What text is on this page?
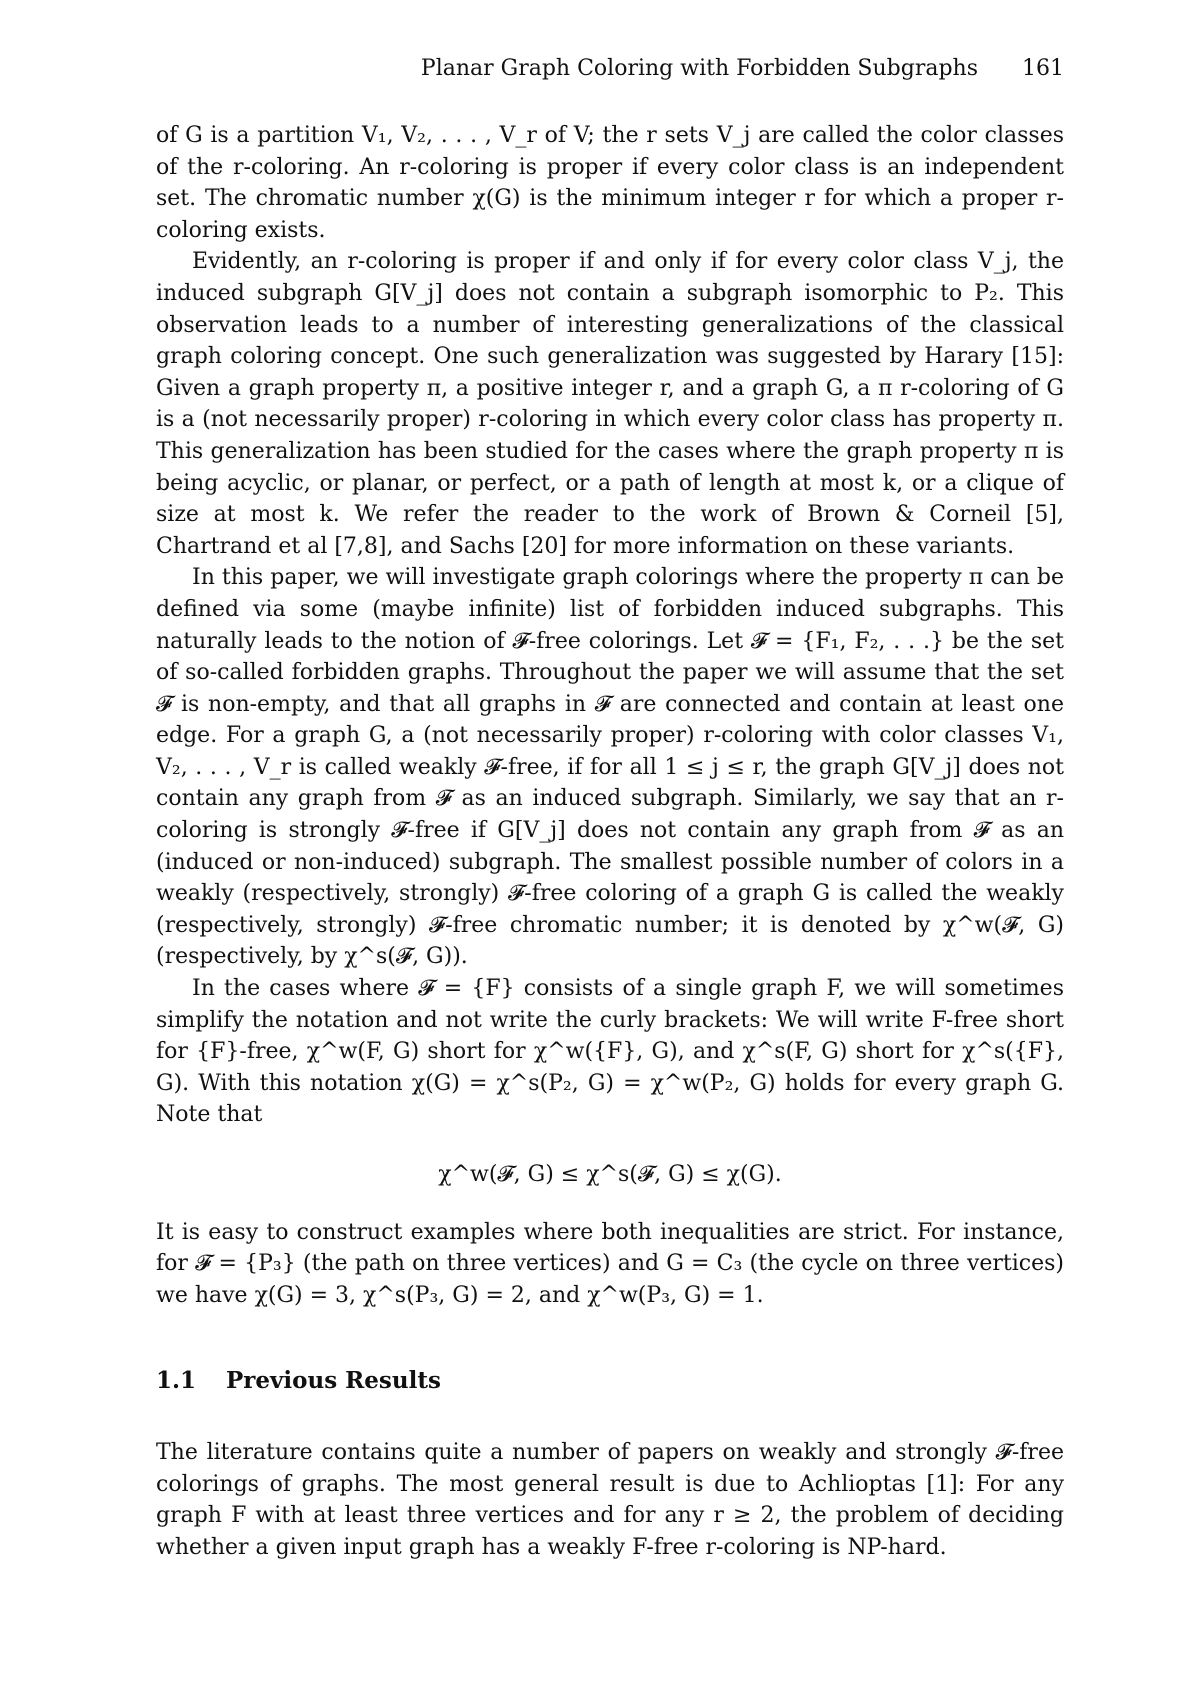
Planar Graph Coloring with Forbidden Subgraphs 161

of G is a partition V₁, V₂, . . . , V_r of V; the r sets V_j are called the color classes of the r-coloring. An r-coloring is proper if every color class is an independent set. The chromatic number χ(G) is the minimum integer r for which a proper r-coloring exists.

Evidently, an r-coloring is proper if and only if for every color class V_j, the induced subgraph G[V_j] does not contain a subgraph isomorphic to P₂. This observation leads to a number of interesting generalizations of the classical graph coloring concept. One such generalization was suggested by Harary [15]: Given a graph property π, a positive integer r, and a graph G, a π r-coloring of G is a (not necessarily proper) r-coloring in which every color class has property π. This generalization has been studied for the cases where the graph property π is being acyclic, or planar, or perfect, or a path of length at most k, or a clique of size at most k. We refer the reader to the work of Brown & Corneil [5], Chartrand et al [7,8], and Sachs [20] for more information on these variants.

In this paper, we will investigate graph colorings where the property π can be defined via some (maybe infinite) list of forbidden induced subgraphs. This naturally leads to the notion of 𝓕-free colorings. Let 𝓕 = {F₁, F₂, . . .} be the set of so-called forbidden graphs. Throughout the paper we will assume that the set 𝓕 is non-empty, and that all graphs in 𝓕 are connected and contain at least one edge. For a graph G, a (not necessarily proper) r-coloring with color classes V₁, V₂, . . . , V_r is called weakly 𝓕-free, if for all 1 ≤ j ≤ r, the graph G[V_j] does not contain any graph from 𝓕 as an induced subgraph. Similarly, we say that an r-coloring is strongly 𝓕-free if G[V_j] does not contain any graph from 𝓕 as an (induced or non-induced) subgraph. The smallest possible number of colors in a weakly (respectively, strongly) 𝓕-free coloring of a graph G is called the weakly (respectively, strongly) 𝓕-free chromatic number; it is denoted by χ^w(𝓕, G) (respectively, by χ^s(𝓕, G)).

In the cases where 𝓕 = {F} consists of a single graph F, we will sometimes simplify the notation and not write the curly brackets: We will write F-free short for {F}-free, χ^w(F, G) short for χ^w({F}, G), and χ^s(F, G) short for χ^s({F}, G). With this notation χ(G) = χ^s(P₂, G) = χ^w(P₂, G) holds for every graph G. Note that

χ^w(𝓕, G) ≤ χ^s(𝓕, G) ≤ χ(G).

It is easy to construct examples where both inequalities are strict. For instance, for 𝓕 = {P₃} (the path on three vertices) and G = C₃ (the cycle on three vertices) we have χ(G) = 3, χ^s(P₃, G) = 2, and χ^w(P₃, G) = 1.

1.1 Previous Results

The literature contains quite a number of papers on weakly and strongly 𝓕-free colorings of graphs. The most general result is due to Achlioptas [1]: For any graph F with at least three vertices and for any r ≥ 2, the problem of deciding whether a given input graph has a weakly F-free r-coloring is NP-hard.
